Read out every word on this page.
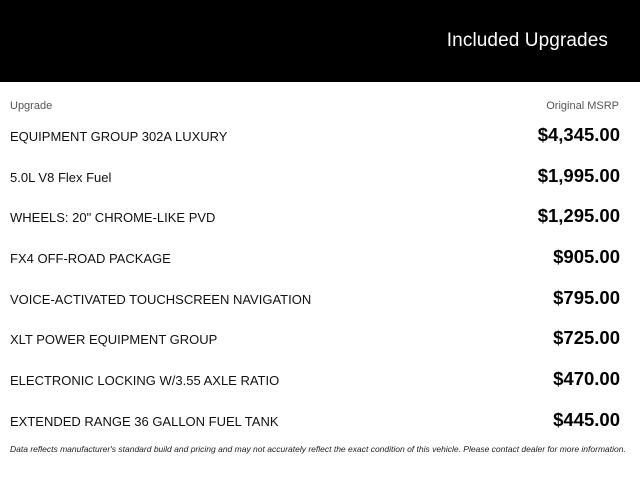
Included Upgrades
Upgrade	Original MSRP
EQUIPMENT GROUP 302A LUXURY	$4,345.00
5.0L V8 Flex Fuel	$1,995.00
WHEELS: 20" CHROME-LIKE PVD	$1,295.00
FX4 OFF-ROAD PACKAGE	$905.00
VOICE-ACTIVATED TOUCHSCREEN NAVIGATION	$795.00
XLT POWER EQUIPMENT GROUP	$725.00
ELECTRONIC LOCKING W/3.55 AXLE RATIO	$470.00
EXTENDED RANGE 36 GALLON FUEL TANK	$445.00
Data reflects manufacturer's standard build and pricing and may not accurately reflect the exact condition of this vehicle. Please contact dealer for more information.
